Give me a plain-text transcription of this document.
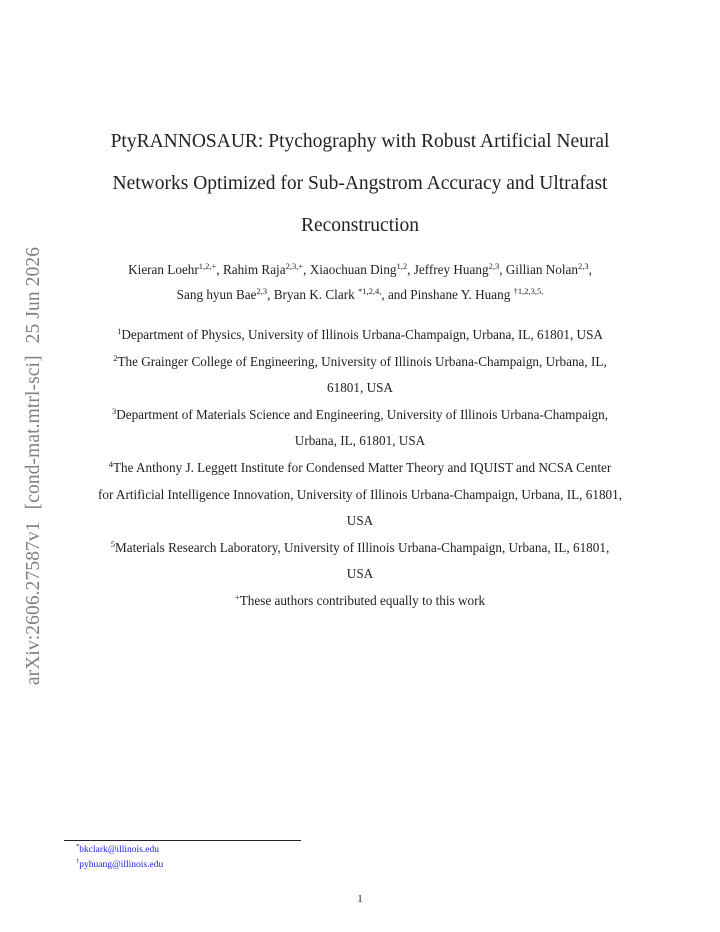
arXiv:2606.27587v1[cond-mat.mtrl-sci]25 Jun 2026
PtyRANNOSAUR: Ptychography with Robust Artificial Neural
Networks Optimized for Sub-Angstrom Accuracy and Ultrafast
Reconstruction
Kieran Loehr$^{1,2,+}$, Rahim Raja$^{2,3,+}$, Xiaochuan Ding$^{1,2}$, Jeffrey Huang$^{2,3}$, Gillian Nolan$^{2,3}$,
Sang hyun Bae$^{2,3}$, Bryan K. Clark $^{*1,2,4,}$, and Pinshane Y. Huang $^{\dagger 1,2,3,5,}$
$^1$Department of Physics, University of Illinois Urbana-Champaign, Urbana, IL, 61801, USA
$^2$The Grainger College of Engineering, University of Illinois Urbana-Champaign, Urbana, IL,
61801, USA
$^3$Department of Materials Science and Engineering, University of Illinois Urbana-Champaign,
Urbana, IL, 61801, USA
$^4$The Anthony J. Leggett Institute for Condensed Matter Theory and IQUIST and NCSA Center
for Artificial Intelligence Innovation, University of Illinois Urbana-Champaign, Urbana, IL, 61801,
USA
$^5$Materials Research Laboratory, University of Illinois Urbana-Champaign, Urbana, IL, 61801,
USA
+These authors contributed equally to this work
*bkclark@illinois.edu
†pyhuang@illinois.edu
1
